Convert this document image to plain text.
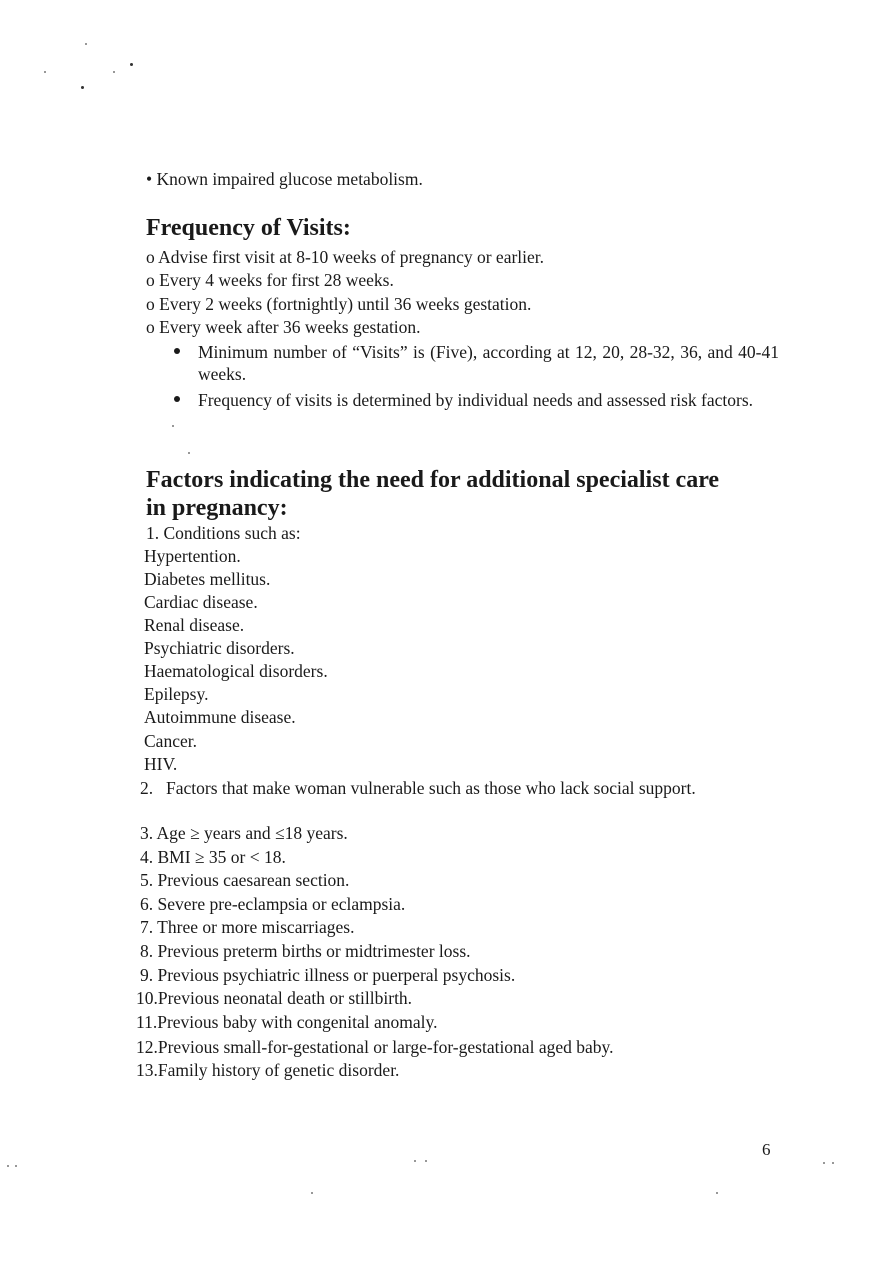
• Known impaired glucose metabolism.
Frequency of Visits:
o Advise first visit at 8-10 weeks of pregnancy or earlier.
o Every 4 weeks for first 28 weeks.
o Every 2 weeks (fortnightly) until 36 weeks gestation.
o Every week after 36 weeks gestation.
Minimum number of “Visits” is (Five), according at 12, 20, 28-32, 36, and 40-41 weeks.
Frequency of visits is determined by individual needs and assessed risk factors.
Factors indicating the need for additional specialist care
in pregnancy:
1. Conditions such as:
Hypertention.
Diabetes mellitus.
Cardiac disease.
Renal disease.
Psychiatric disorders.
Haematological disorders.
Epilepsy.
Autoimmune disease.
Cancer.
HIV.
2. Factors that make woman vulnerable such as those who lack social support.
3. Age ≥ years and ≤18 years.
4. BMI ≥ 35 or < 18.
5. Previous caesarean section.
6. Severe pre-eclampsia or eclampsia.
7. Three or more miscarriages.
8. Previous preterm births or midtrimester loss.
9. Previous psychiatric illness or puerperal psychosis.
10.Previous neonatal death or stillbirth.
11.Previous baby with congenital anomaly.
12.Previous small-for-gestational or large-for-gestational aged baby.
13.Family history of genetic disorder.
6
